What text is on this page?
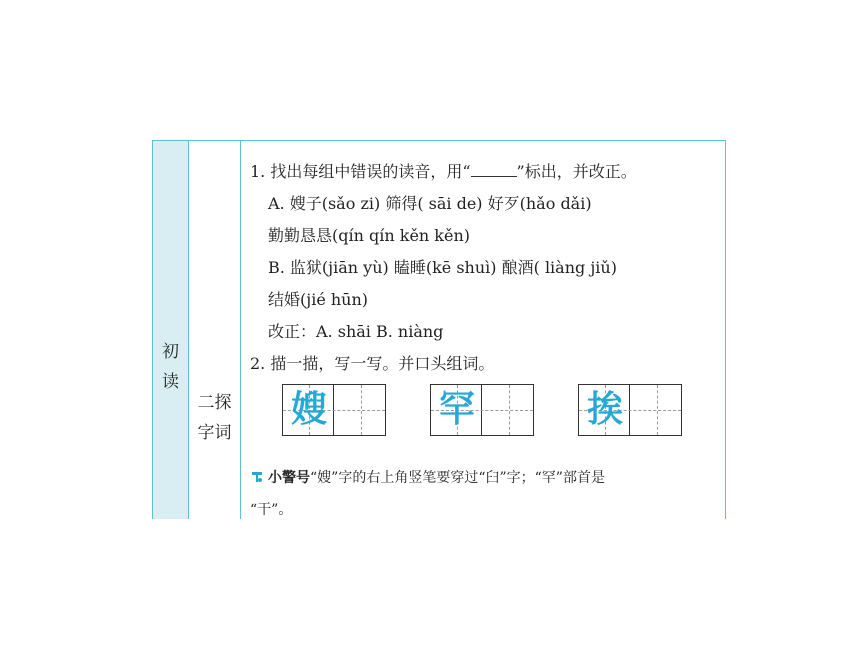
初
读
二探
字词
1. 找出每组中错误的读音，用“	”标出，并改正。
A. 嫂子(sǎo zi) 筛得( sāi de) 好歹(hǎo dǎi)
勤勤恳恳(qín qín kěn kěn)
B. 监狱(jiān yù) 瞌睡(kē shuì) 酿酒( liàng jiǔ)
结婚(jié hūn)
改正：A. shāi B. niàng
2. 描一描，写一写。并口头组词。
嫂	罕	挨
小警号“嫂”字的右上角竖笔要穿过“臼”字；“罕”部首是
“干”。
